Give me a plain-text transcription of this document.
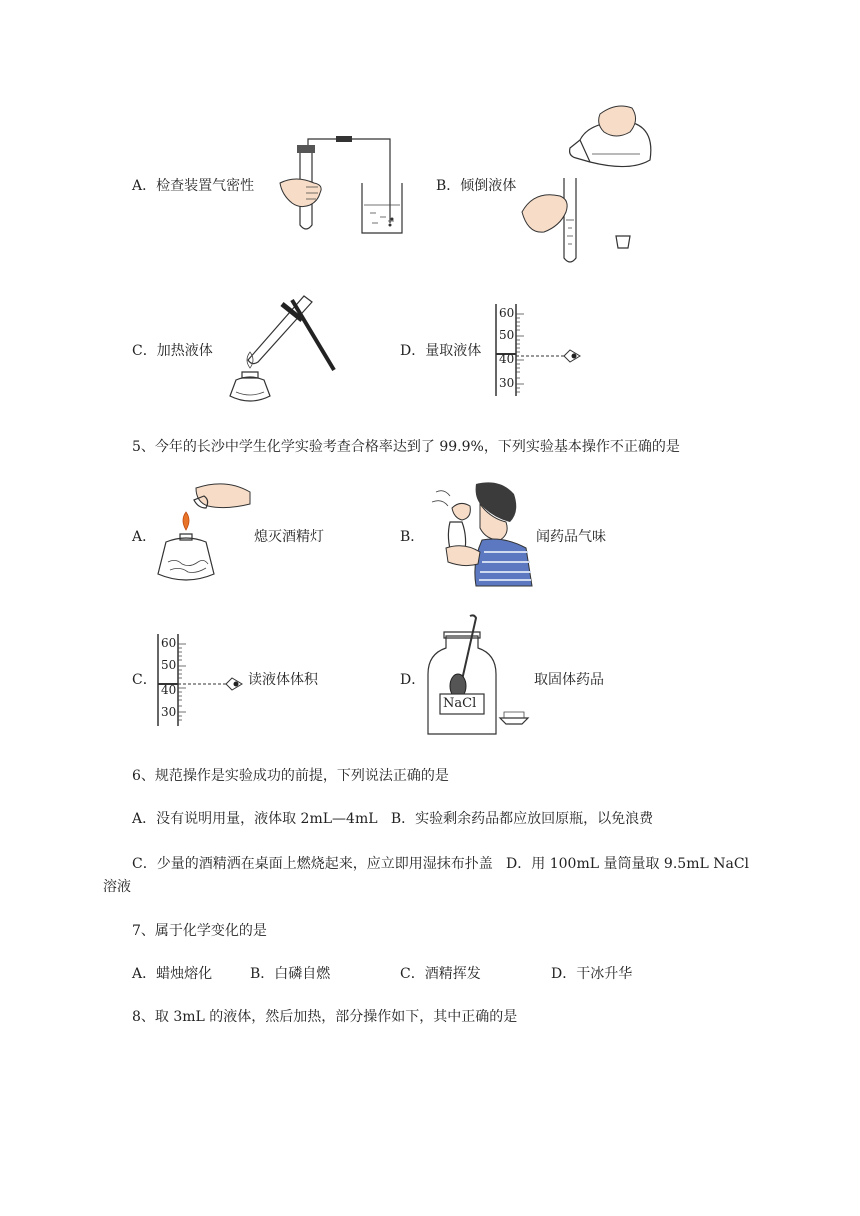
A．检查装置气密性	B．倾倒液体
C．加热液体	D．量取液体
60
50
40
30
5、今年的长沙中学生化学实验考查合格率达到了 99.9%，下列实验基本操作不正确的是
A．	熄灭酒精灯	B．	闻药品气味
C．
60
50
40
30
读液体体积	D．
NaCl
取固体药品
6、规范操作是实验成功的前提，下列说法正确的是
A．没有说明用量，液体取 2mL—4mL   B．实验剩余药品都应放回原瓶，以免浪费
C．少量的酒精洒在桌面上燃烧起来，应立即用湿抹布扑盖   D．用 100mL 量筒量取 9.5mL NaCl
溶液
7、属于化学变化的是
A．蜡烛熔化	B．白磷自燃	C．酒精挥发	D．干冰升华
8、取 3mL 的液体，然后加热，部分操作如下，其中正确的是
